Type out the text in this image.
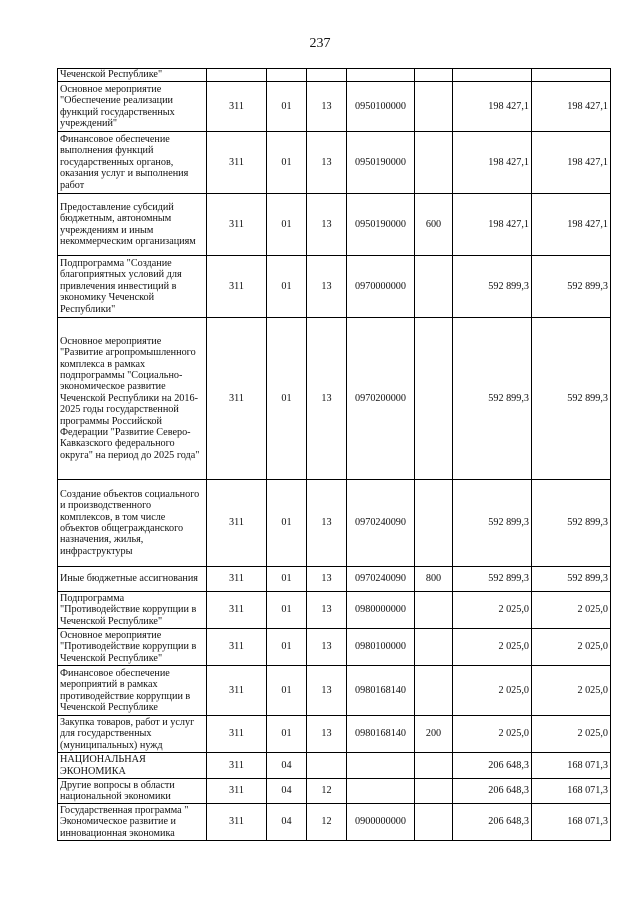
237
Чеченской Республике"							
Основное мероприятие "Обеспечение реализации функций государственных учреждений"	311	01	13	0950100000		198 427,1	198 427,1
Финансовое обеспечение выполнения функций государственных органов, оказания услуг и выполнения работ	311	01	13	0950190000		198 427,1	198 427,1
Предоставление субсидий бюджетным, автономным учреждениям и иным некоммерческим организациям	311	01	13	0950190000	600	198 427,1	198 427,1
Подпрограмма "Создание благоприятных условий для привлечения инвестиций в экономику Чеченской Республики"	311	01	13	0970000000		592 899,3	592 899,3
Основное мероприятие "Развитие агропромышленного комплекса в рамках подпрограммы "Социально-экономическое развитие Чеченской Республики на 2016-2025 годы государственной программы Российской Федерации "Развитие Северо-Кавказского федерального округа" на период до 2025 года"	311	01	13	0970200000		592 899,3	592 899,3
Создание объектов социального и производственного комплексов, в том числе объектов общегражданского назначения, жилья, инфраструктуры	311	01	13	0970240090		592 899,3	592 899,3
Иные бюджетные ассигнования	311	01	13	0970240090	800	592 899,3	592 899,3
Подпрограмма "Противодействие коррупции в Чеченской Республике"	311	01	13	0980000000		2 025,0	2 025,0
Основное мероприятие "Противодействие коррупции в Чеченской Республике"	311	01	13	0980100000		2 025,0	2 025,0
Финансовое обеспечение мероприятий в рамках противодействие коррупции в Чеченской Республике	311	01	13	0980168140		2 025,0	2 025,0
Закупка товаров, работ и услуг для государственных (муниципальных) нужд	311	01	13	0980168140	200	2 025,0	2 025,0
НАЦИОНАЛЬНАЯ ЭКОНОМИКА	311	04				206 648,3	168 071,3
Другие вопросы в области национальной экономики	311	04	12			206 648,3	168 071,3
Государственная программа " Экономическое развитие и инновационная экономика	311	04	12	0900000000		206 648,3	168 071,3
